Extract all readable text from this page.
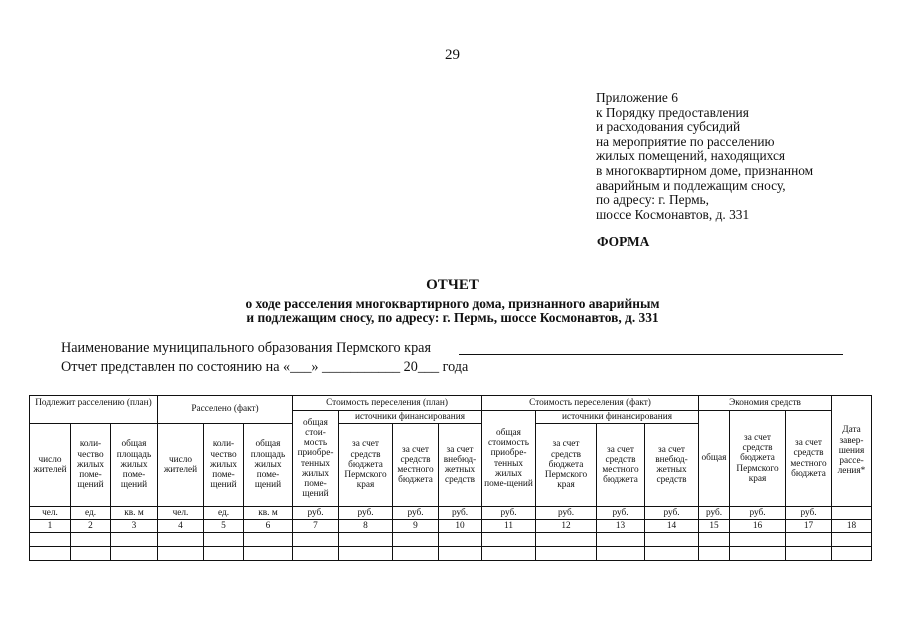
29
Приложение 6
к Порядку предоставления
и расходования субсидий
на мероприятие по расселению
жилых помещений, находящихся
в многоквартирном доме, признанном
аварийным и подлежащим сносу,
по адресу: г. Пермь,
шоссе Космонавтов, д. 331
ФОРМА
ОТЧЕТ
о ходе расселения многоквартирного дома, признанного аварийным
и подлежащим сносу, по адресу: г. Пермь, шоссе Космонавтов, д. 331
Наименование муниципального образования Пермского края
Отчет представлен по состоянию на «___» ___________ 20___ года
Подлежит расселению (план)			Расселено (факт)			Стоимость переселения (план)				Стоимость переселения (факт)				Экономия средств			Дата завер-шения рассе-ления*
						общая стои-мость приобре-тенных жилых поме-щений	источники финансирования			общая стоимость приобре-тенных жилых поме-щений	источники финансирования			общая	за счет средств бюджета Пермского края	за счет средств местного бюджета	
число жителей	коли-чество жилых поме-щений	общая площадь жилых поме-щений	число жителей	коли-чество жилых поме-щений	общая площадь жилых поме-щений		за счет средств бюджета Пермского края	за счет средств местного бюджета	за счет внебюд-жетных средств		за счет средств бюджета Пермского края	за счет средств местного бюджета	за счет внебюд-жетных средств				
чел.	ед.	кв. м	чел.	ед.	кв. м	руб.	руб.	руб.	руб.	руб.	руб.	руб.	руб.	руб.	руб.	руб.	
1	2	3	4	5	6	7	8	9	10	11	12	13	14	15	16	17	18
